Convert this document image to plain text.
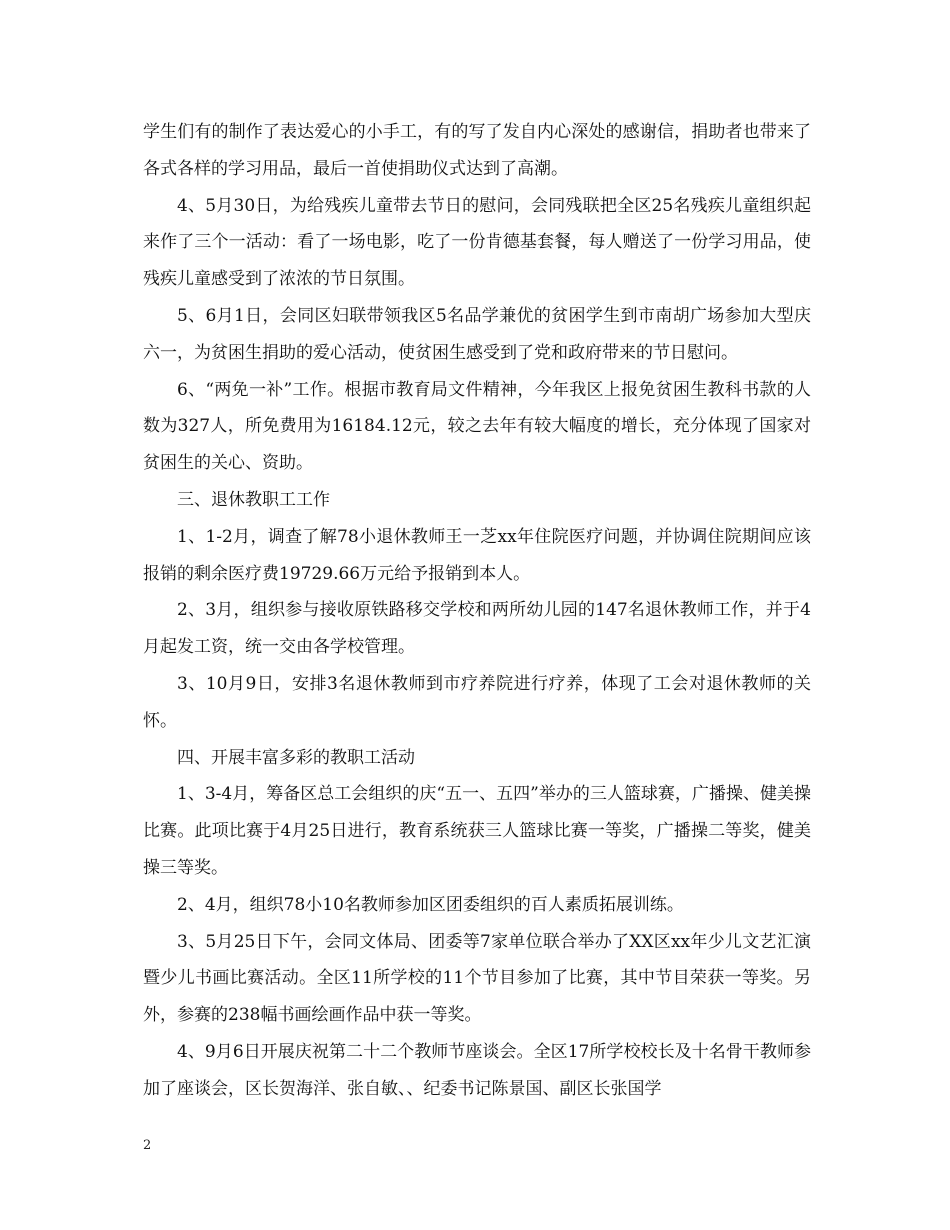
学生们有的制作了表达爱心的小手工，有的写了发自内心深处的感谢信，捐助者也带来了各式各样的学习用品，最后一首使捐助仪式达到了高潮。

4、5月30日，为给残疾儿童带去节日的慰问，会同残联把全区25名残疾儿童组织起来作了三个一活动：看了一场电影，吃了一份肯德基套餐，每人赠送了一份学习用品，使残疾儿童感受到了浓浓的节日氛围。

5、6月1日，会同区妇联带领我区5名品学兼优的贫困学生到市南胡广场参加大型庆六一，为贫困生捐助的爱心活动，使贫困生感受到了党和政府带来的节日慰问。

6、“两免一补”工作。根据市教育局文件精神，今年我区上报免贫困生教科书款的人数为327人，所免费用为16184.12元，较之去年有较大幅度的增长，充分体现了国家对贫困生的关心、资助。

三、退休教职工工作

1、1-2月，调查了解78小退休教师王一芝xx年住院医疗问题，并协调住院期间应该报销的剩余医疗费19729.66万元给予报销到本人。

2、3月，组织参与接收原铁路移交学校和两所幼儿园的147名退休教师工作，并于4月起发工资，统一交由各学校管理。

3、10月9日，安排3名退休教师到市疗养院进行疗养，体现了工会对退休教师的关怀。

四、开展丰富多彩的教职工活动

1、3-4月，筹备区总工会组织的庆“五一、五四”举办的三人篮球赛，广播操、健美操比赛。此项比赛于4月25日进行，教育系统获三人篮球比赛一等奖，广播操二等奖，健美操三等奖。

2、4月，组织78小10名教师参加区团委组织的百人素质拓展训练。

3、5月25日下午，会同文体局、团委等7家单位联合举办了XX区xx年少儿文艺汇演暨少儿书画比赛活动。全区11所学校的11个节目参加了比赛，其中节目荣获一等奖。另外，参赛的238幅书画绘画作品中获一等奖。

4、9月6日开展庆祝第二十二个教师节座谈会。全区17所学校校长及十名骨干教师参加了座谈会，区长贺海洋、张自敏、、纪委书记陈景国、副区长张国学

2
